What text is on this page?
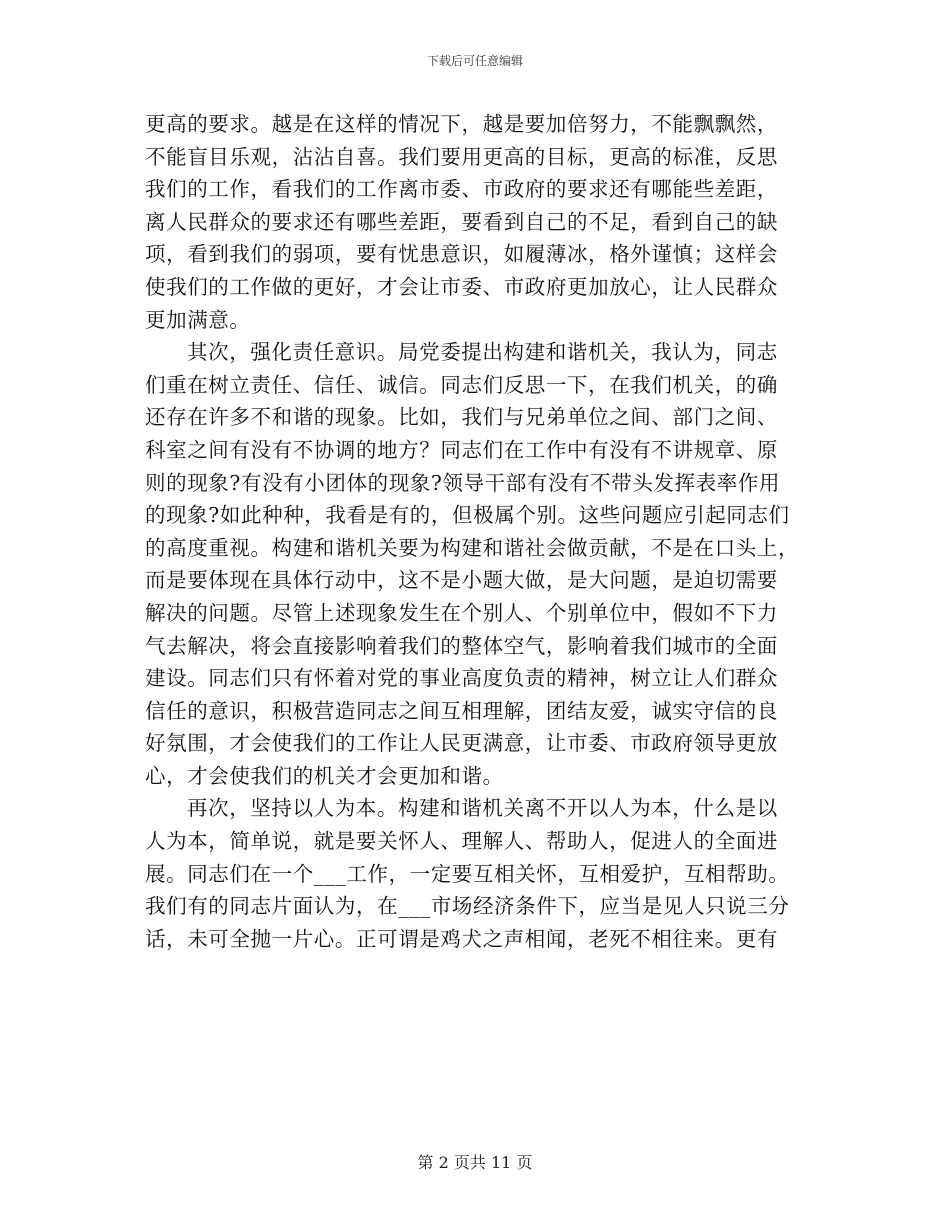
下载后可任意编辑
更高的要求。越是在这样的情况下，越是要加倍努力，不能飘飘然，
不能盲目乐观，沾沾自喜。我们要用更高的目标，更高的标准，反思
我们的工作，看我们的工作离市委、市政府的要求还有哪能些差距，
离人民群众的要求还有哪些差距，要看到自己的不足，看到自己的缺
项，看到我们的弱项，要有忧患意识，如履薄冰，格外谨慎；这样会
使我们的工作做的更好，才会让市委、市政府更加放心，让人民群众
更加满意。
其次，强化责任意识。局党委提出构建和谐机关，我认为，同志
们重在树立责任、信任、诚信。同志们反思一下，在我们机关，的确
还存在许多不和谐的现象。比如，我们与兄弟单位之间、部门之间、
科室之间有没有不协调的地方？同志们在工作中有没有不讲规章、原
则的现象?有没有小团体的现象?领导干部有没有不带头发挥表率作用
的现象?如此种种，我看是有的，但极属个别。这些问题应引起同志们
的高度重视。构建和谐机关要为构建和谐社会做贡献，不是在口头上，
而是要体现在具体行动中，这不是小题大做，是大问题，是迫切需要
解决的问题。尽管上述现象发生在个别人、个别单位中，假如不下力
气去解决，将会直接影响着我们的整体空气，影响着我们城市的全面
建设。同志们只有怀着对党的事业高度负责的精神，树立让人们群众
信任的意识，积极营造同志之间互相理解，团结友爱，诚实守信的良
好氛围，才会使我们的工作让人民更满意，让市委、市政府领导更放
心，才会使我们的机关才会更加和谐。
再次，坚持以人为本。构建和谐机关离不开以人为本，什么是以
人为本，简单说，就是要关怀人、理解人、帮助人，促进人的全面进
展。同志们在一个___工作，一定要互相关怀，互相爱护，互相帮助。
我们有的同志片面认为，在___市场经济条件下，应当是见人只说三分
话，未可全抛一片心。正可谓是鸡犬之声相闻，老死不相往来。更有
第 2 页共 11 页
